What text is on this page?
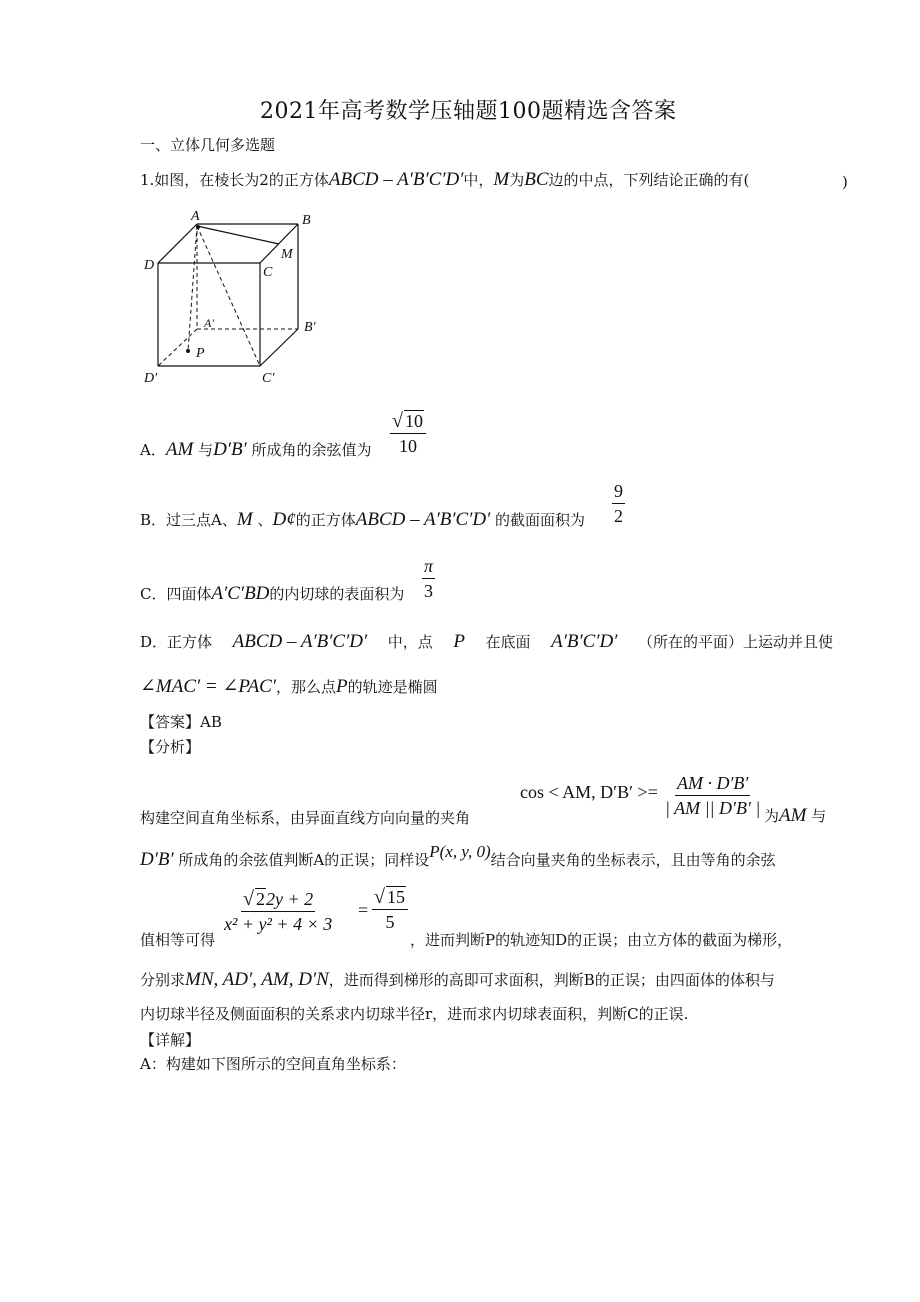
2021年高考数学压轴题100题精选含答案
一、立体几何多选题
1.如图，在棱长为2的正方体ABCD – A′B′C′D′中，M为BC边的中点，下列结论正确的有(	)
A	B
M
D	C
A′	B′
P
D′	C′
A．AM 与D′B′ 所成角的余弦值为 $\frac{√ 10}{10}$
B．过三点A、M 、D¢的正方体ABCD – A′B′C′D′ 的截面面积为 $\frac{9}{2}$
C．四面体A′C′BD的内切球的表面积为 $\frac{\pi}{3}$
D．正方体 ABCD – A′B′C′D′ 中，点 P 在底面 A′B′C′D′ （所在的平面）上运动并且使
∠MAC′ = ∠PAC′，那么点P的轨迹是椭圆
【答案】AB
【分析】
cos < AM, $D'B' >= \frac{AM \cdot D'B'}{| AM || D'B' |}$
构建空间直角坐标系，由异面直线方向向量的夹角	为AM 与
D′B′ 所成角的余弦值判断A的正误；同样设P(x, y, 0)结合向量夹角的坐标表示，且由等角的余弦
值相等可得
$\frac{√ 2 2y + 2}{\text{x² + y² + 4 × 3}} = \frac{√ 15}{5}$
，进而判断P的轨迹知D的正误；由立方体的截面为梯形，
分别求MN, AD′, AM, D′N，进而得到梯形的高即可求面积，判断B的正误；由四面体的体积与
内切球半径及侧面面积的关系求内切球半径r，进而求内切球表面积，判断C的正误.
【详解】
A：构建如下图所示的空间直角坐标系：
